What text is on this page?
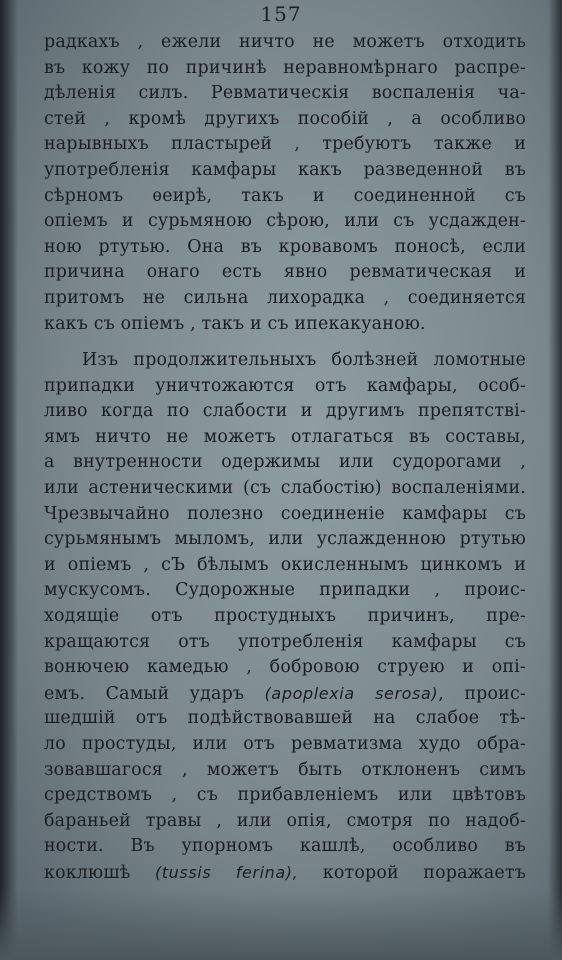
157
радкахъ , ежели ничто не можетъ отходить
въ кожу по причинѣ неравномѣрнаго распре-
дѣленія силъ. Ревматическія воспаленія ча-
стей , кромѣ другихъ пособій , а особливо
нарывныхъ пластырей , требуютъ также и
употребленія камфары какъ разведенной въ
сѣрномъ ѳеирѣ, такъ и соединенной съ
опіемъ и сурьмяною сѣрою, или съ усдажден-
ною ртутью. Она въ кровавомъ поносѣ, если
причина онаго есть явно ревматическая и
притомъ не сильна лихорадка , соединяется
какъ съ опіемъ , такъ и съ ипекакуаною.
Изъ продолжительныхъ болѣзней ломотные
припадки уничтожаются отъ камфары, особ-
ливо когда по слабости и другимъ препятствi-
ямъ ничто не можетъ отлагаться въ составы,
а внутренности одержимы или судорогами ,
или астеническими (съ слабостію) воспаленіями.
Чрезвычайно полезно соединеніе камфары съ
сурьмянымъ мыломъ, или услажденною ртутью
и опіемъ , сЪ бѣлымъ окисленнымъ цинкомъ и
мускусомъ. Судорожные припадки , проис-
ходящіе отъ простудныхъ причинъ, пре-
кращаются отъ употребленія камфары съ
вонючею камедью , бобровою струею и опі-
емъ. Самый ударъ (apoplexia serosa), проис-
шедшій отъ подѣйствовавшей на слабое тѣ-
ло простуды, или отъ ревматизма худо обра-
зовавшагося , можетъ быть отклоненъ симъ
средствомъ , съ прибавленіемъ или цвѣтовъ
бараньей травы , или опія, смотря по надоб-
ности. Въ упорномъ кашлѣ, особливо въ
коклюшѣ (tussis ferina), которой поражаетъ
